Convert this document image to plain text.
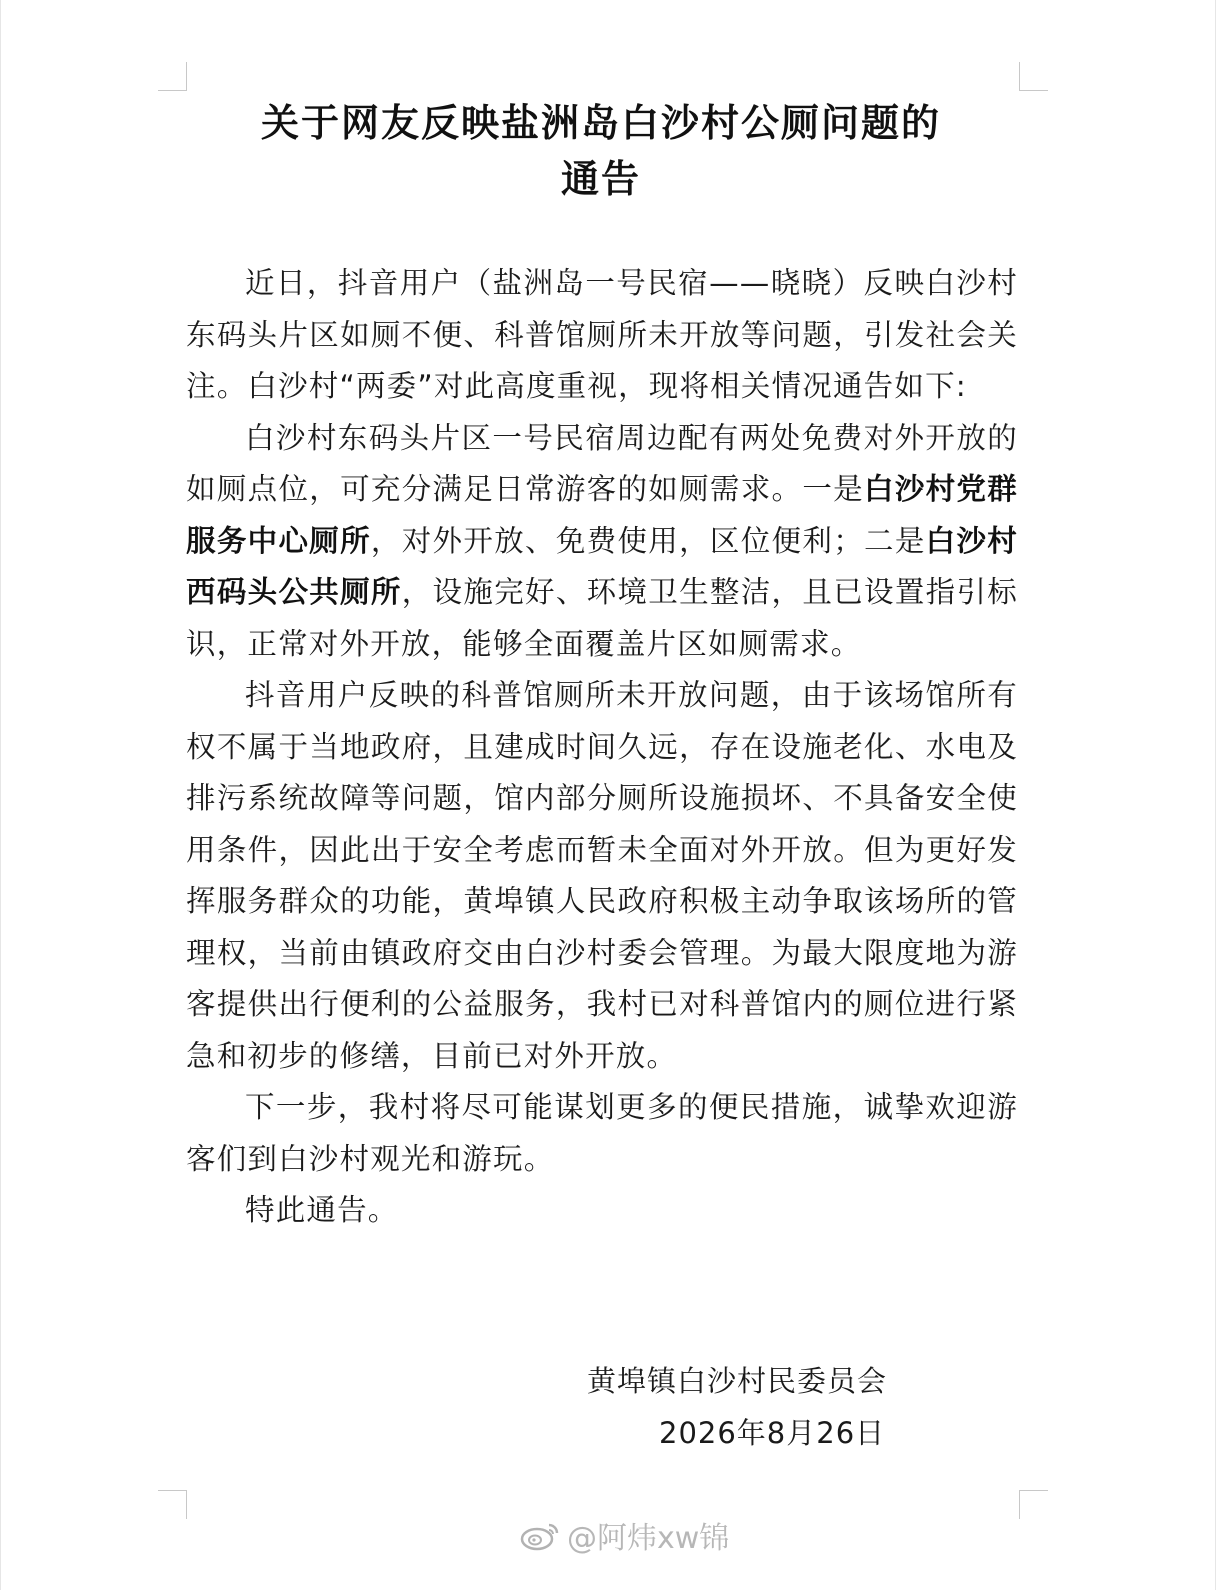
关于网友反映盐洲岛白沙村公厕问题的
通告

近日，抖音用户（盐洲岛一号民宿——晓晓）反映白沙村东码头片区如厕不便、科普馆厕所未开放等问题，引发社会关注。白沙村“两委”对此高度重视，现将相关情况通告如下:

白沙村东码头片区一号民宿周边配有两处免费对外开放的如厕点位，可充分满足日常游客的如厕需求。一是白沙村党群服务中心厕所，对外开放、免费使用，区位便利；二是白沙村西码头公共厕所，设施完好、环境卫生整洁，且已设置指引标识，正常对外开放，能够全面覆盖片区如厕需求。

抖音用户反映的科普馆厕所未开放问题，由于该场馆所有权不属于当地政府，且建成时间久远，存在设施老化、水电及排污系统故障等问题，馆内部分厕所设施损坏、不具备安全使用条件，因此出于安全考虑而暂未全面对外开放。但为更好发挥服务群众的功能，黄埠镇人民政府积极主动争取该场所的管理权，当前由镇政府交由白沙村委会管理。为最大限度地为游客提供出行便利的公益服务，我村已对科普馆内的厕位进行紧急和初步的修缮，目前已对外开放。

下一步，我村将尽可能谋划更多的便民措施，诚挚欢迎游客们到白沙村观光和游玩。

特此通告。

黄埠镇白沙村民委员会
2026年8月26日
@阿炜xw锦
